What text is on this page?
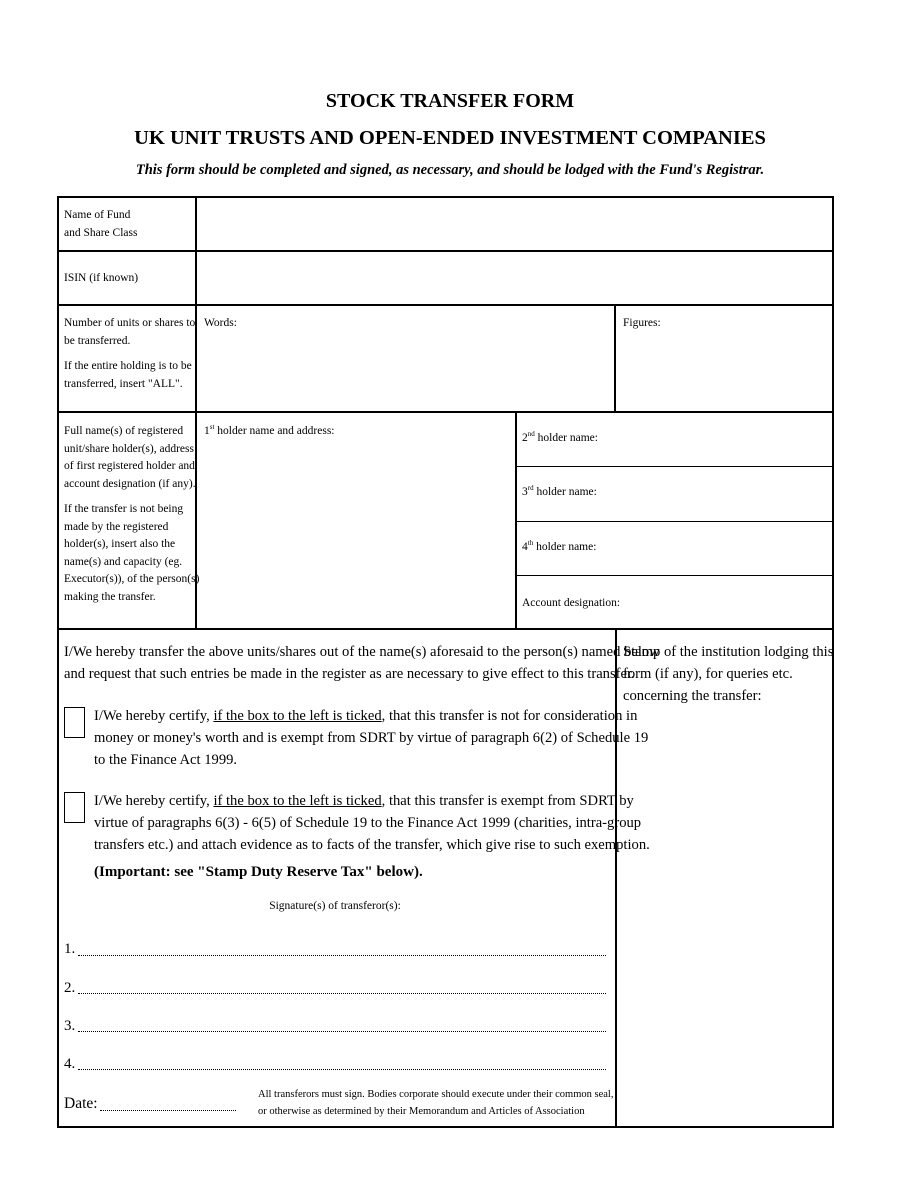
STOCK TRANSFER FORM
UK UNIT TRUSTS AND OPEN-ENDED INVESTMENT COMPANIES
This form should be completed and signed, as necessary, and should be lodged with the Fund's Registrar.
Name of Fund
and Share Class
ISIN (if known)
Number of units or shares to
be transferred.
If the entire holding is to be
transferred, insert "ALL".
Words:	Figures:
Full name(s) of registered
unit/share holder(s), address
of first registered holder and
account designation (if any).
If the transfer is not being
made by the registered
holder(s), insert also the
name(s) and capacity (eg.
Executor(s)), of the person(s)
making the transfer.
1st holder name and address:
2nd holder name:
3rd holder name:
4th holder name:
Account designation:
I/We hereby transfer the above units/shares out of the name(s) aforesaid to the person(s) named below
and request that such entries be made in the register as are necessary to give effect to this transfer.
I/We hereby certify, if the box to the left is ticked, that this transfer is not for consideration in
money or money's worth and is exempt from SDRT by virtue of paragraph 6(2) of Schedule 19
to the Finance Act 1999.
I/We hereby certify, if the box to the left is ticked, that this transfer is exempt from SDRT by
virtue of paragraphs 6(3) - 6(5) of Schedule 19 to the Finance Act 1999 (charities, intra-group
transfers etc.) and attach evidence as to facts of the transfer, which give rise to such exemption.
(Important: see "Stamp Duty Reserve Tax" below).
Signature(s) of transferor(s):
1.
2.
3.
4.
Date:
All transferors must sign. Bodies corporate should execute under their common seal,
or otherwise as determined by their Memorandum and Articles of Association
Stamp of the institution lodging this
form (if any), for queries etc.
concerning the transfer:
